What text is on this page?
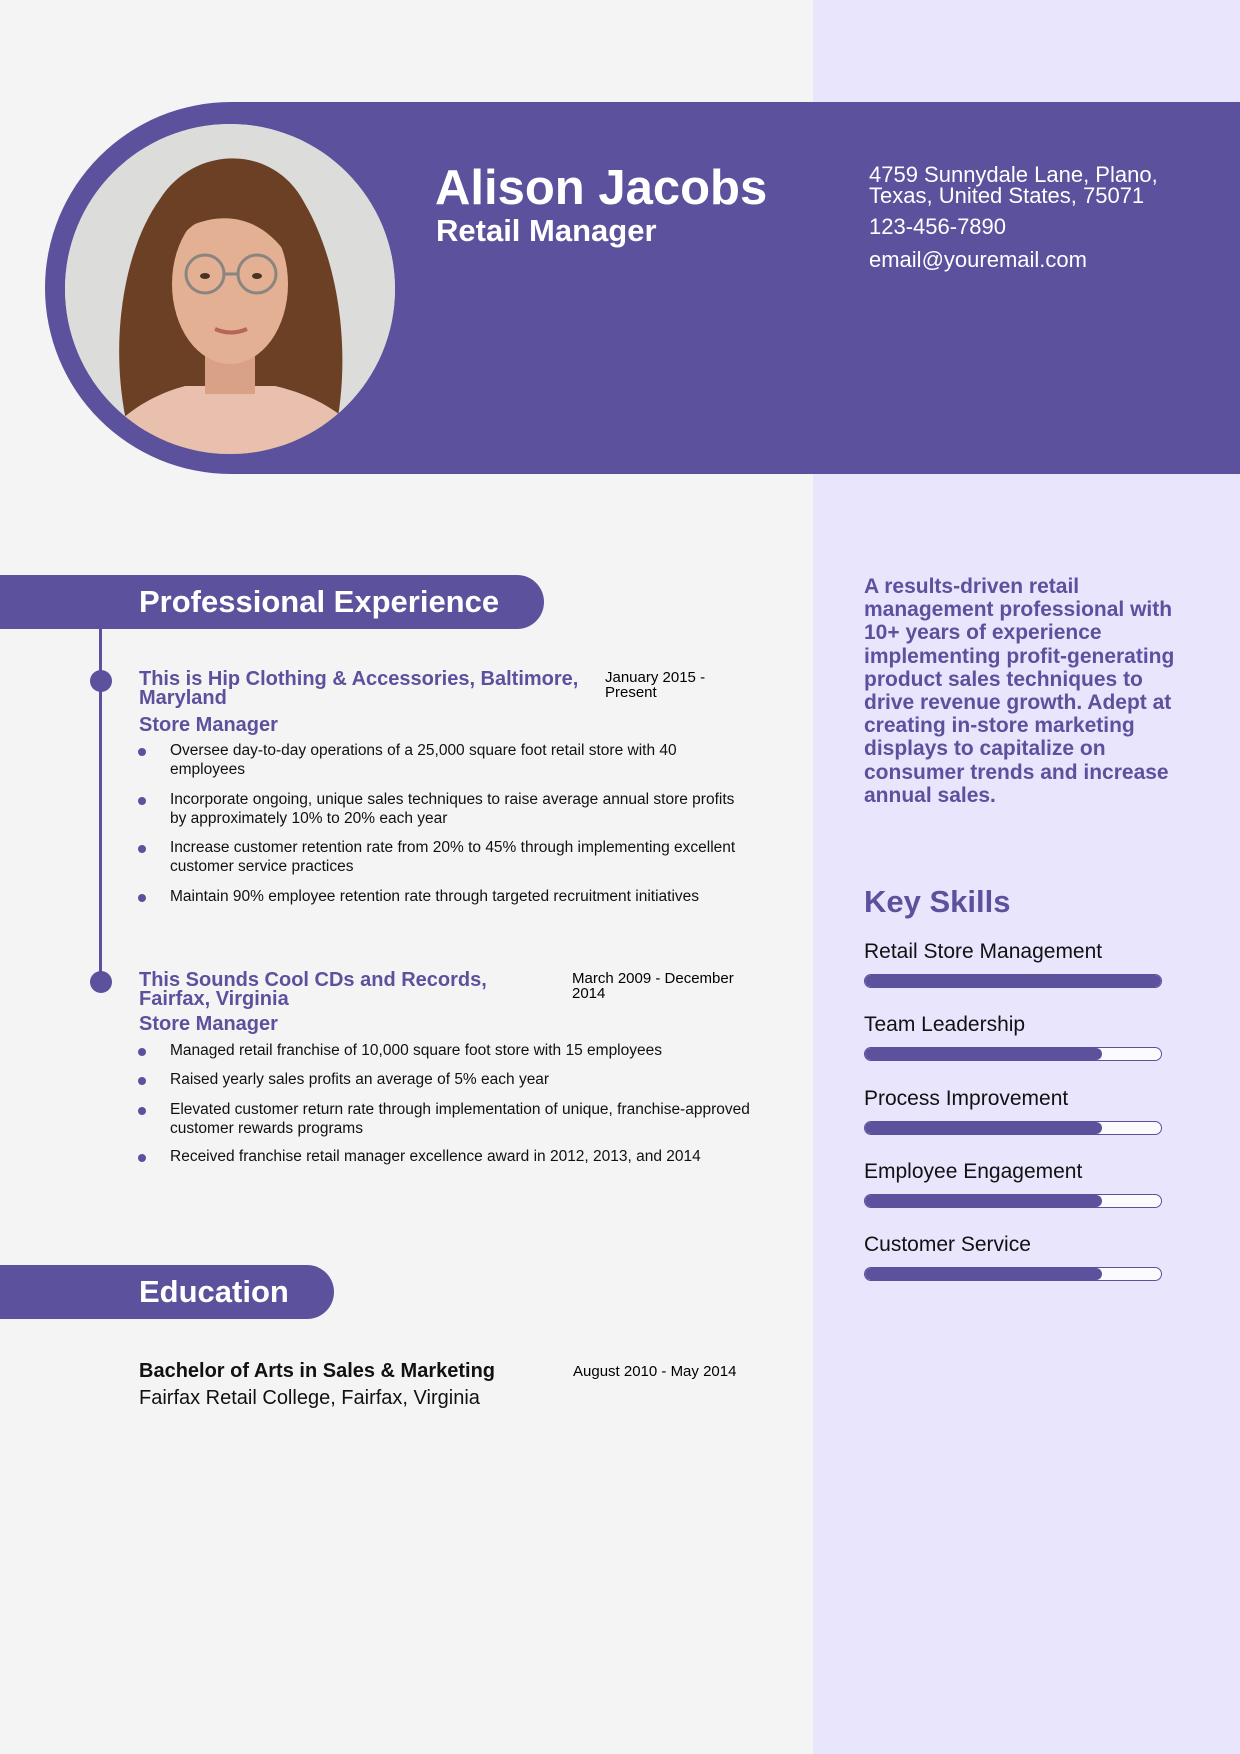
Alison Jacobs
Retail Manager
4759 Sunnydale Lane, Plano, Texas, United States, 75071
123-456-7890
email@youremail.com
Professional Experience
This is Hip Clothing & Accessories, Baltimore, Maryland
January 2015 - Present
Store Manager
Oversee day-to-day operations of a 25,000 square foot retail store with 40 employees
Incorporate ongoing, unique sales techniques to raise average annual store profits by approximately 10% to 20% each year
Increase customer retention rate from 20% to 45% through implementing excellent customer service practices
Maintain 90% employee retention rate through targeted recruitment initiatives
This Sounds Cool CDs and Records, Fairfax, Virginia
March 2009 - December 2014
Store Manager
Managed retail franchise of 10,000 square foot store with 15 employees
Raised yearly sales profits an average of 5% each year
Elevated customer return rate through implementation of unique, franchise-approved customer rewards programs
Received franchise retail manager excellence award in 2012, 2013, and 2014
Education
Bachelor of Arts in Sales & Marketing
Fairfax Retail College, Fairfax, Virginia
August 2010 - May 2014
A results-driven retail management professional with 10+ years of experience implementing profit-generating product sales techniques to drive revenue growth. Adept at creating in-store marketing displays to capitalize on consumer trends and increase annual sales.
Key Skills
Retail Store Management
Team Leadership
Process Improvement
Employee Engagement
Customer Service
